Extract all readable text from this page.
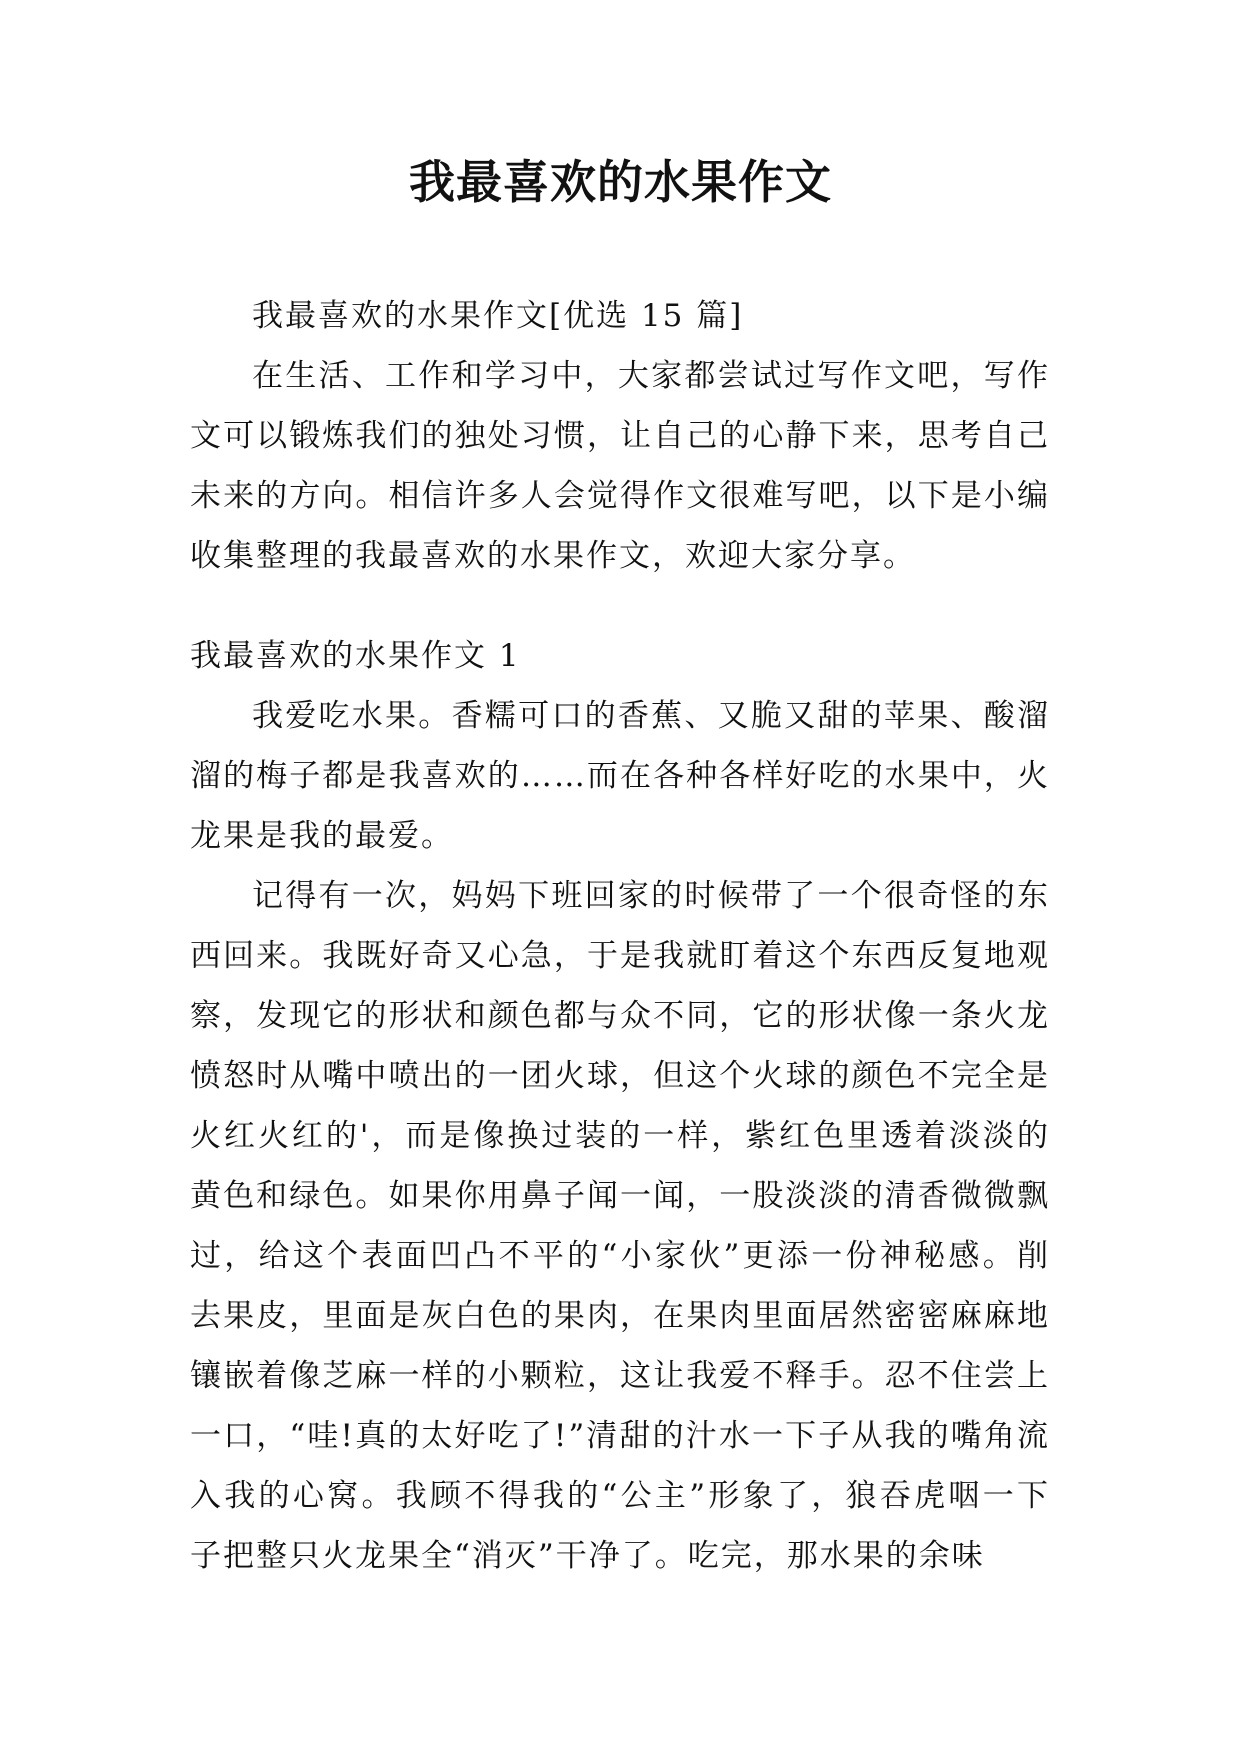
我最喜欢的水果作文

我最喜欢的水果作文[优选 15 篇]

在生活、工作和学习中，大家都尝试过写作文吧，写作文可以锻炼我们的独处习惯，让自己的心静下来，思考自己未来的方向。相信许多人会觉得作文很难写吧，以下是小编收集整理的我最喜欢的水果作文，欢迎大家分享。

我最喜欢的水果作文 1

我爱吃水果。香糯可口的香蕉、又脆又甜的苹果、酸溜溜的梅子都是我喜欢的……而在各种各样好吃的水果中，火龙果是我的最爱。

记得有一次，妈妈下班回家的时候带了一个很奇怪的东西回来。我既好奇又心急，于是我就盯着这个东西反复地观察，发现它的形状和颜色都与众不同，它的形状像一条火龙愤怒时从嘴中喷出的一团火球，但这个火球的颜色不完全是火红火红的'，而是像换过装的一样，紫红色里透着淡淡的黄色和绿色。如果你用鼻子闻一闻，一股淡淡的清香微微飘过，给这个表面凹凸不平的“小家伙”更添一份神秘感。削去果皮，里面是灰白色的果肉，在果肉里面居然密密麻麻地镶嵌着像芝麻一样的小颗粒，这让我爱不释手。忍不住尝上一口，“哇!真的太好吃了!”清甜的汁水一下子从我的嘴角流入我的心窝。我顾不得我的“公主”形象了，狼吞虎咽一下子把整只火龙果全“消灭”干净了。吃完，那水果的余味
